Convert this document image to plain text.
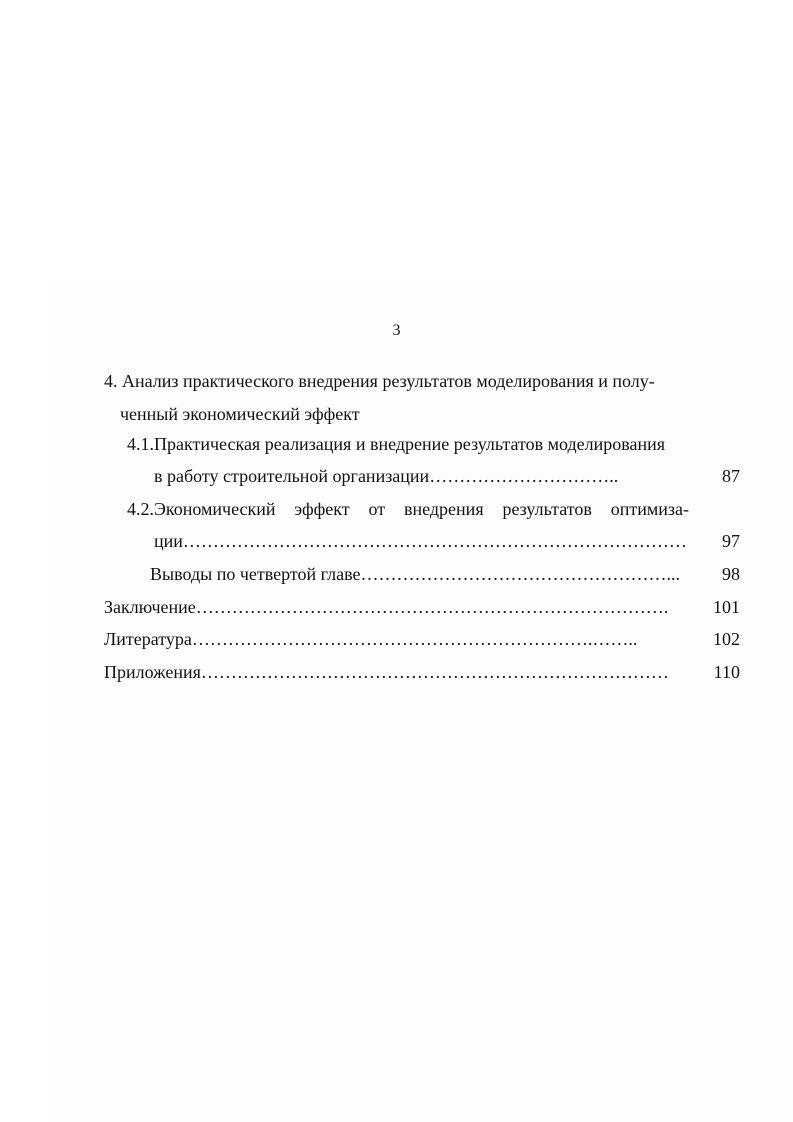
3
4. Анализ практического внедрения результатов моделирования и полу-
ченный экономический эффект
4.1.Практическая реализация и внедрение результатов моделирования
в работу строительной организации…………………………..	87
4.2.Экономический эффект от внедрения результатов оптимиза-
ции…………………………………………………………………………	97
Выводы по четвертой главе……………………………………………...	98
Заключение…………………………………………………………………….	101
Литература………………………………………………………….……..	102
Приложения……………………………………………………………………	110
